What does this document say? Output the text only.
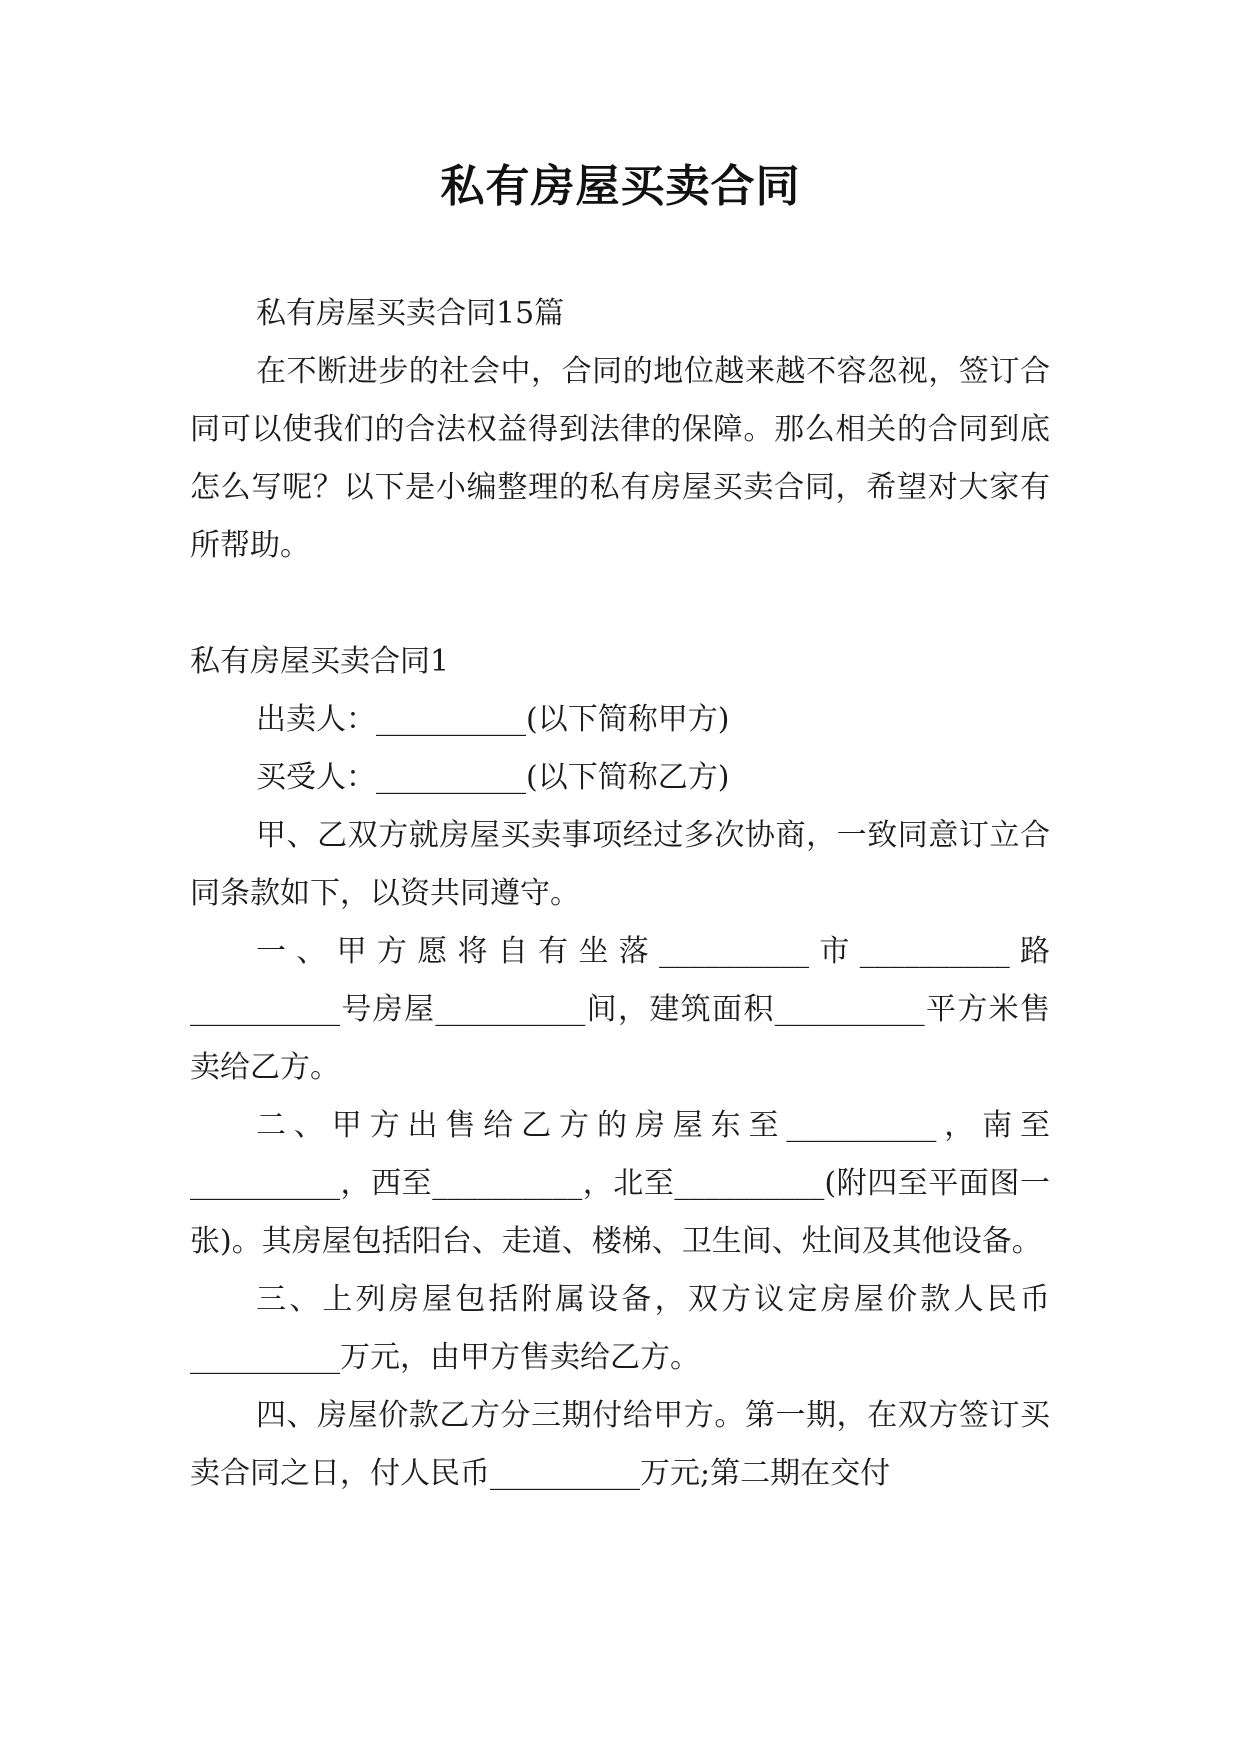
私有房屋买卖合同

私有房屋买卖合同15篇

在不断进步的社会中，合同的地位越来越不容忽视，签订合同可以使我们的合法权益得到法律的保障。那么相关的合同到底怎么写呢？以下是小编整理的私有房屋买卖合同，希望对大家有所帮助。

私有房屋买卖合同1

出卖人：__________(以下简称甲方)

买受人：__________(以下简称乙方)

甲、乙双方就房屋买卖事项经过多次协商，一致同意订立合同条款如下，以资共同遵守。

一、甲方愿将自有坐落__________市__________路__________号房屋__________间，建筑面积__________平方米售卖给乙方。

二、甲方出售给乙方的房屋东至__________，南至__________，西至__________，北至__________(附四至平面图一张)。其房屋包括阳台、走道、楼梯、卫生间、灶间及其他设备。

三、上列房屋包括附属设备，双方议定房屋价款人民币__________万元，由甲方售卖给乙方。

四、房屋价款乙方分三期付给甲方。第一期，在双方签订买卖合同之日，付人民币__________万元;第二期在交付
